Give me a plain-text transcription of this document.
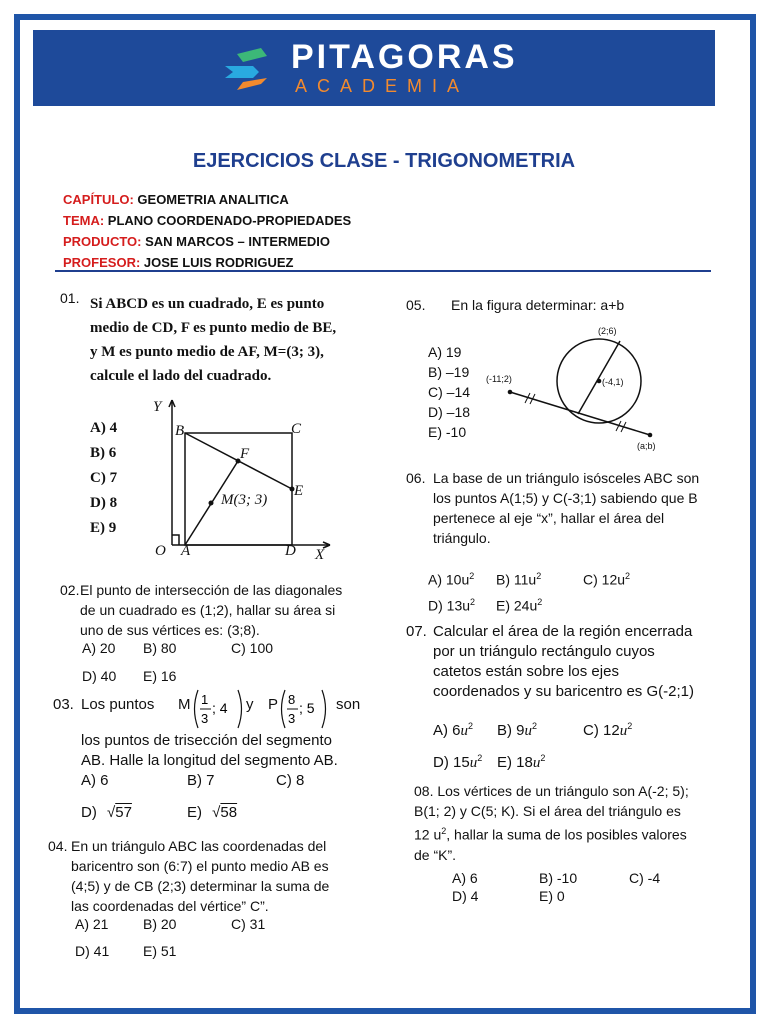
PITAGORAS
ACADEMIA
EJERCICIOS CLASE - TRIGONOMETRIA
CAPÍTULO: GEOMETRIA ANALITICA
TEMA: PLANO COORDENADO-PROPIEDADES
PRODUCTO: SAN MARCOS – INTERMEDIO
PROFESOR: JOSE LUIS RODRIGUEZ
01. Si ABCD es un cuadrado, E es punto
medio de CD, F es punto medio de BE,
y M es punto medio de AF, M=(3; 3),
calcule el lado del cuadrado.
A) 4
B) 6
C) 7
D) 8
E) 9
Y
X
O A
B	C
D
E
F
M(3; 3)
02. El punto de intersección de las diagonales
de un cuadrado es (1;2), hallar su área si
uno de sus vértices es: (3;8).
A) 20 B) 80	C) 100
D) 40 E) 16
03. Los puntos M 1
3
; 4 y P 8
3
; 5 son
los puntos de trisección del segmento
AB. Halle la longitud del segmento AB.
A) 6	B) 7	C) 8
D) √57	E) √58
04. En un triángulo ABC las coordenadas del
baricentro son (6:7) el punto medio AB es
(4;5) y de CB (2;3) determinar la suma de
las coordenadas del vértice” C”.
A) 21 B) 20	C) 31
D) 41 E) 51
05. En la figura determinar: a+b
A) 19
B) –19
C) –14
D) –18
E) -10
(2;6)
(-4,1)
(-11;2)
(a;b)
06. La base de un triángulo isósceles ABC son
los puntos A(1;5) y C(-3;1) sabiendo que B
pertenece al eje “x”, hallar el área del
triángulo.
A) $10u^2$ B) $11u^2$	C) $12u^2$
D) $13u^2$ E) $24u^2$
07. Calcular el área de la región encerrada
por un triángulo rectángulo cuyos
catetos están sobre los ejes
coordenados y su baricentro es G(-2;1)
A) $6u^2$ B) $9u^2$	C) $12u^2$
D) $15u^2$ E) $18u^2$
08. Los vértices de un triángulo son A(-2; 5);
B(1; 2) y C(5; K). Si el área del triángulo es
12 $u^2$, hallar la suma de los posibles valores
de “K”.
A) 6	B) -10	C) -4
D) 4	E) 0
